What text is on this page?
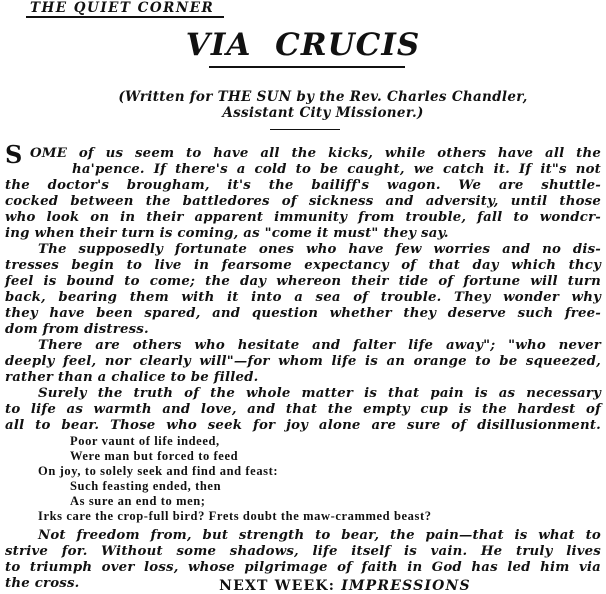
THE QUIET CORNER
VIA CRUCIS
(Written for THE SUN by the Rev. Charles Chandler,
Assistant City Missioner.)
S OME of us seem to have all the kicks, while others have all the
ha'pence. If there's a cold to be caught, we catch it. If it"s not
the doctor's brougham, it's the bailiff's wagon. We are shuttle-
cocked between the battledores of sickness and adversity, until those
who look on in their apparent immunity from trouble, fall to wondcr-
ing when their turn is coming, as "come it must" they say.
The supposedly fortunate ones who have few worries and no dis-
tresses begin to live in fearsome expectancy of that day which thcy
feel is bound to come; the day whereon their tide of fortune will turn
back, bearing them with it into a sea of trouble. They wonder why
they have been spared, and question whether they deserve such free-
dom from distress.
There are others who hesitate and falter life away"; "who never
deeply feel, nor clearly will"—for whom life is an orange to be squeezed,
rather than a chalice to be filled.
Surely the truth of the whole matter is that pain is as necessary
to life as warmth and love, and that the empty cup is the hardest of
all to bear. Those who seek for joy alone are sure of disillusionment.
Poor vaunt of life indeed,
Were man but forced to feed
On joy, to solely seek and find and feast:
Such feasting ended, then
As sure an end to men;
Irks care the crop-full bird? Frets doubt the maw-crammed beast?
Not freedom from, but strength to bear, the pain—that is what to
strive for. Without some shadows, life itself is vain. He truly lives
to triumph over loss, whose pilgrimage of faith in God has led him via
the cross.	NEXT WEEK: IMPRESSIONS
